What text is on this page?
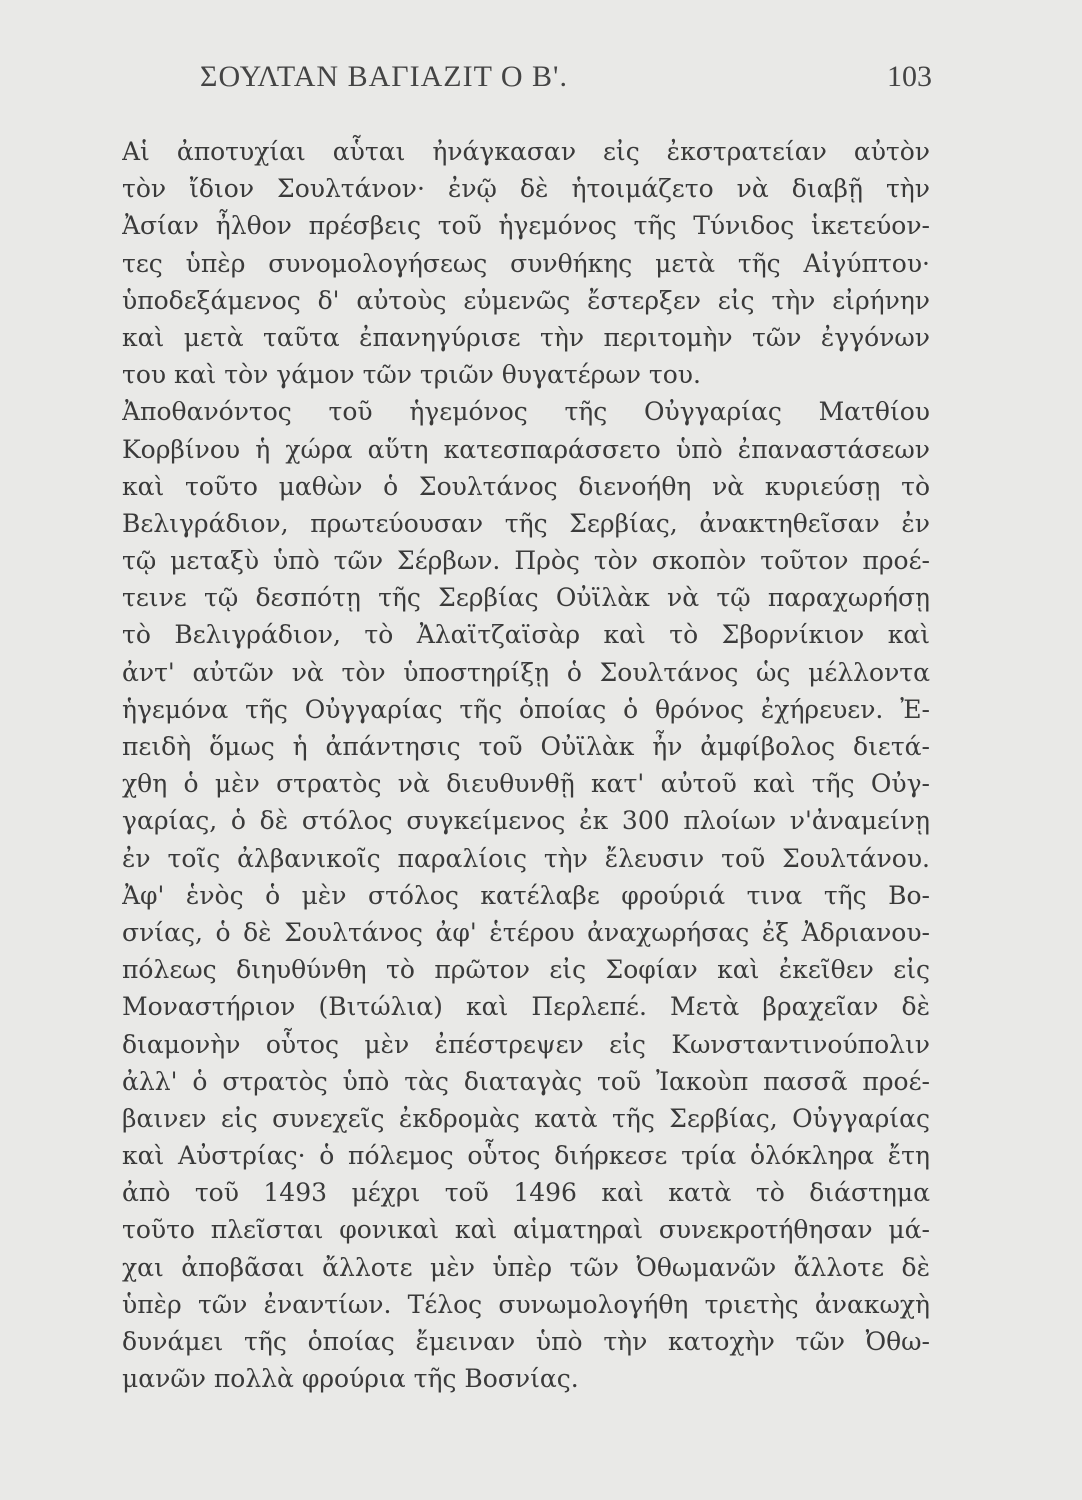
ΣΟΥΛΤΑΝ ΒΑΓΙΑΖΙΤ Ο Β'.	103
Αἱ ἀποτυχίαι αὗται ἠνάγκασαν εἰς ἐκστρατείαν αὐτὸν
τὸν ἴδιον Σουλτάνον· ἐνῷ δὲ ἡτοιμάζετο νὰ διαβῇ τὴν
Ἀσίαν ἦλθον πρέσβεις τοῦ ἡγεμόνος τῆς Τύνιδος ἱκετεύον-
τες ὑπὲρ συνομολογήσεως συνθήκης μετὰ τῆς Αἰγύπτου·
ὑποδεξάμενος δ' αὐτοὺς εὐμενῶς ἔστερξεν εἰς τὴν εἰρήνην
καὶ μετὰ ταῦτα ἐπανηγύρισε τὴν περιτομὴν τῶν ἐγγόνων
του καὶ τὸν γάμον τῶν τριῶν θυγατέρων του.
Ἀποθανόντος τοῦ ἡγεμόνος τῆς Οὐγγαρίας Ματθίου
Κορβίνου ἡ χώρα αὕτη κατεσπαράσσετο ὑπὸ ἐπαναστάσεων
καὶ τοῦτο μαθὼν ὁ Σουλτάνος διενοήθη νὰ κυριεύσῃ τὸ
Βελιγράδιον, πρωτεύουσαν τῆς Σερβίας, ἀνακτηθεῖσαν ἐν
τῷ μεταξὺ ὑπὸ τῶν Σέρβων. Πρὸς τὸν σκοπὸν τοῦτον προέ-
τεινε τῷ δεσπότῃ τῆς Σερβίας Οὐϊλὰκ νὰ τῷ παραχωρήσῃ
τὸ Βελιγράδιον, τὸ Ἀλαϊτζαϊσὰρ καὶ τὸ Σβορνίκιον καὶ
ἀντ' αὐτῶν νὰ τὸν ὑποστηρίξῃ ὁ Σουλτάνος ὡς μέλλοντα
ἡγεμόνα τῆς Οὐγγαρίας τῆς ὁποίας ὁ θρόνος ἐχήρευεν. Ἐ-
πειδὴ ὅμως ἡ ἀπάντησις τοῦ Οὐϊλὰκ ἦν ἀμφίβολος διετά-
χθη ὁ μὲν στρατὸς νὰ διευθυνθῇ κατ' αὐτοῦ καὶ τῆς Οὐγ-
γαρίας, ὁ δὲ στόλος συγκείμενος ἐκ 300 πλοίων ν'ἀναμείνῃ
ἐν τοῖς ἀλβανικοῖς παραλίοις τὴν ἔλευσιν τοῦ Σουλτάνου.
Ἀφ' ἑνὸς ὁ μὲν στόλος κατέλαβε φρούριά τινα τῆς Βο-
σνίας, ὁ δὲ Σουλτάνος ἀφ' ἑτέρου ἀναχωρήσας ἐξ Ἀδριανου-
πόλεως διηυθύνθη τὸ πρῶτον εἰς Σοφίαν καὶ ἐκεῖθεν εἰς
Μοναστήριον (Βιτώλια) καὶ Περλεπέ. Μετὰ βραχεῖαν δὲ
διαμονὴν οὗτος μὲν ἐπέστρεψεν εἰς Κωνσταντινούπολιν
ἀλλ' ὁ στρατὸς ὑπὸ τὰς διαταγὰς τοῦ Ἰακοὺπ πασσᾶ προέ-
βαινεν εἰς συνεχεῖς ἐκδρομὰς κατὰ τῆς Σερβίας, Οὐγγαρίας
καὶ Αὐστρίας· ὁ πόλεμος οὗτος διήρκεσε τρία ὁλόκληρα ἔτη
ἀπὸ τοῦ 1493 μέχρι τοῦ 1496 καὶ κατὰ τὸ διάστημα
τοῦτο πλεῖσται φονικαὶ καὶ αἱματηραὶ συνεκροτήθησαν μά-
χαι ἀποβᾶσαι ἄλλοτε μὲν ὑπὲρ τῶν Ὀθωμανῶν ἄλλοτε δὲ
ὑπὲρ τῶν ἐναντίων. Τέλος συνωμολογήθη τριετὴς ἀνακωχὴ
δυνάμει τῆς ὁποίας ἔμειναν ὑπὸ τὴν κατοχὴν τῶν Ὀθω-
μανῶν πολλὰ φρούρια τῆς Βοσνίας.
